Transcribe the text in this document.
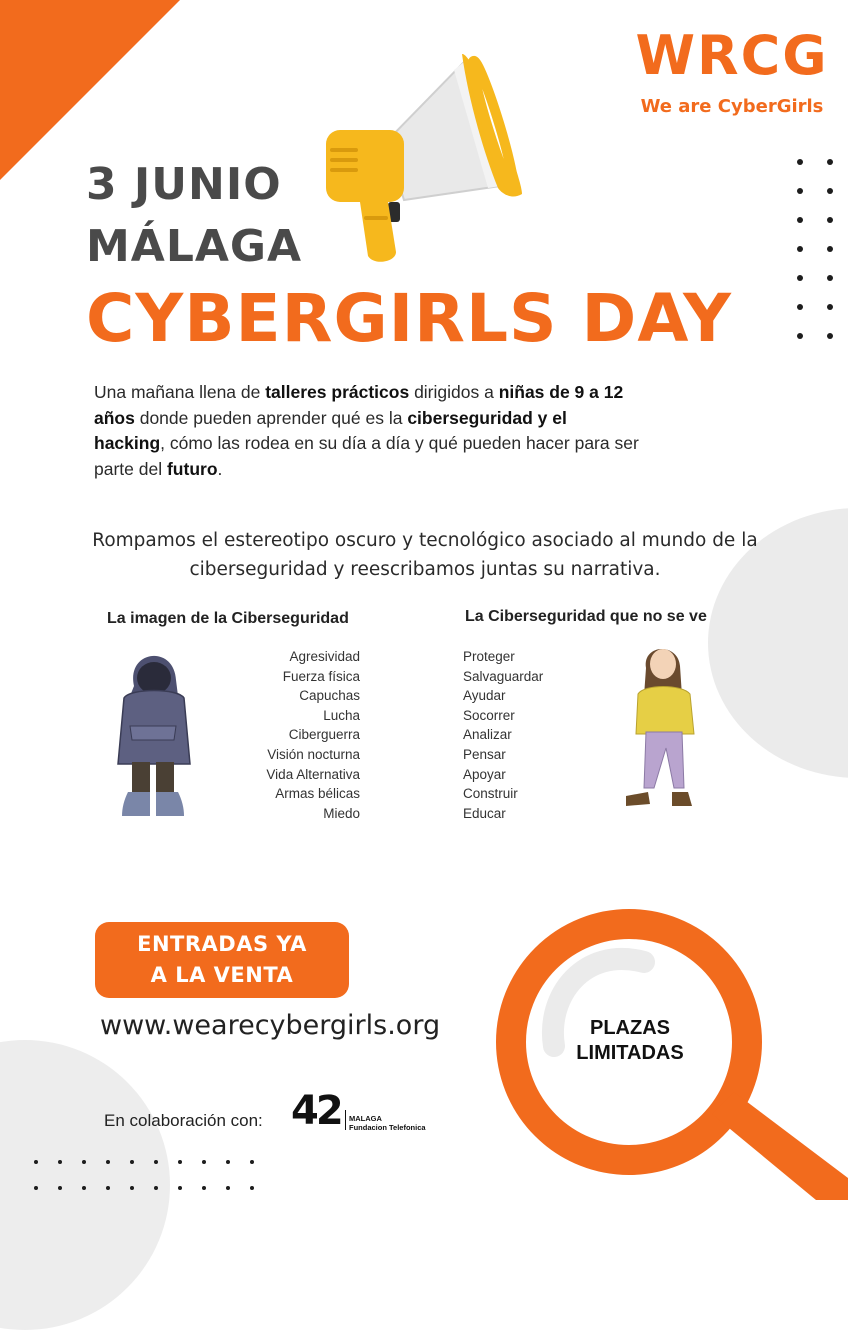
WRCG
We are CyberGirls
3 JUNIO
MÁLAGA
CYBERGIRLS DAY
Una mañana llena de talleres prácticos dirigidos a niñas de 9 a 12 años donde pueden aprender qué es la ciberseguridad y el hacking, cómo las rodea en su día a día y qué pueden hacer para ser parte del futuro.
Rompamos el estereotipo oscuro y tecnológico asociado al mundo de la ciberseguridad y reescribamos juntas su narrativa.
La imagen de la Ciberseguridad
Agresividad
Fuerza física
Capuchas
Lucha
Ciberguerra
Visión nocturna
Vida Alternativa
Armas bélicas
Miedo
La Ciberseguridad que no se ve
Proteger
Salvaguardar
Ayudar
Socorrer
Analizar
Pensar
Apoyar
Construir
Educar
ENTRADAS YA
A LA VENTA
www.wearecybergirls.org
En colaboración con: 42 MALAGA
Fundacion Telefonica
PLAZAS
LIMITADAS
